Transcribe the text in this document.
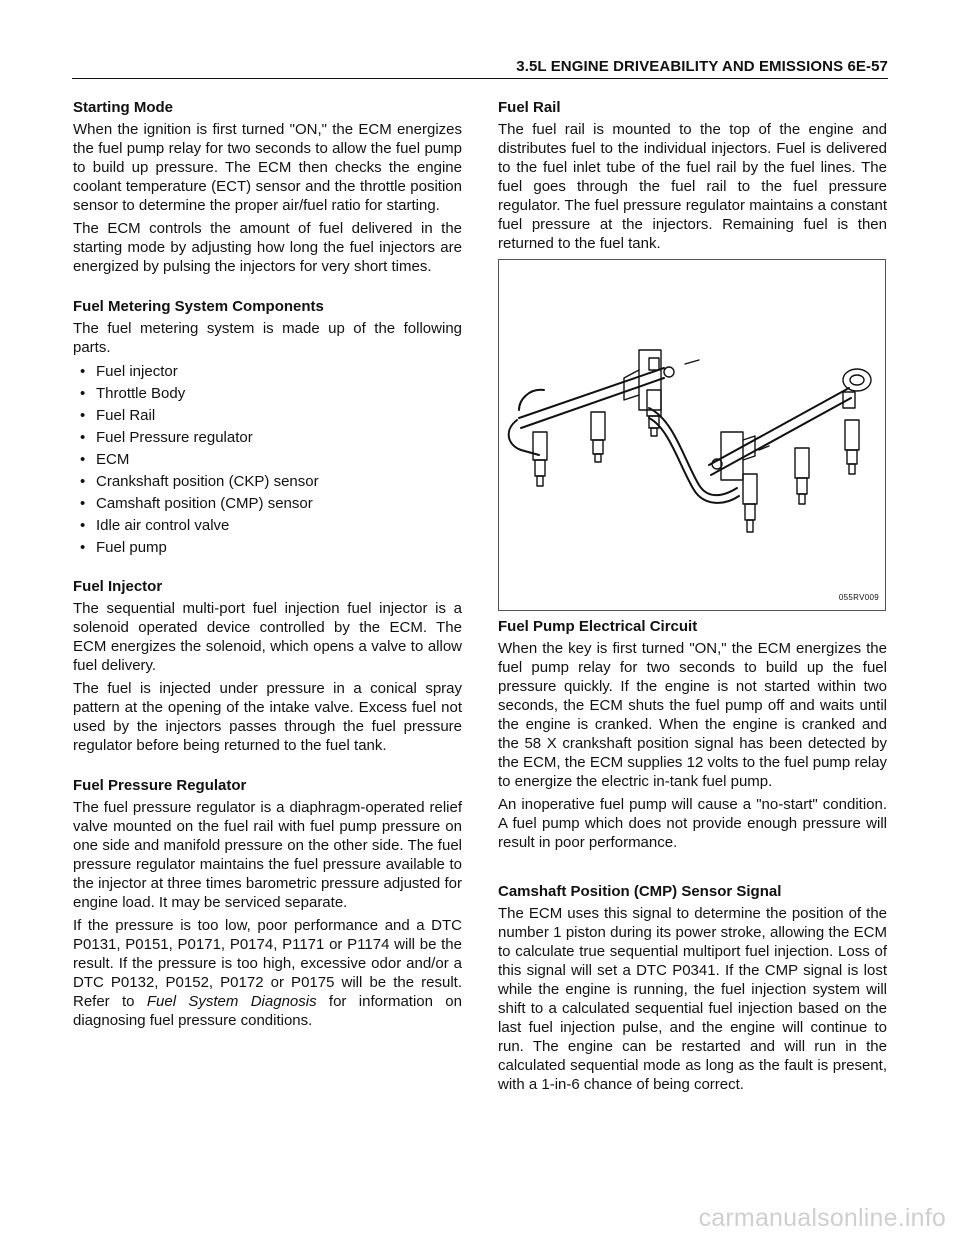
3.5L ENGINE DRIVEABILITY AND EMISSIONS 6E-57
Starting Mode

When the ignition is first turned "ON," the ECM energizes the fuel pump relay for two seconds to allow the fuel pump to build up pressure. The ECM then checks the engine coolant temperature (ECT) sensor and the throttle position sensor to determine the proper air/fuel ratio for starting.

The ECM controls the amount of fuel delivered in the starting mode by adjusting how long the fuel injectors are energized by pulsing the injectors for very short times.

Fuel Metering System Components

The fuel metering system is made up of the following parts.

• Fuel injector
• Throttle Body
• Fuel Rail
• Fuel Pressure regulator
• ECM
• Crankshaft position (CKP) sensor
• Camshaft position (CMP) sensor
• Idle air control valve
• Fuel pump
Fuel Injector

The sequential multi-port fuel injection fuel injector is a solenoid operated device controlled by the ECM. The ECM energizes the solenoid, which opens a valve to allow fuel delivery.

The fuel is injected under pressure in a conical spray pattern at the opening of the intake valve. Excess fuel not used by the injectors passes through the fuel pressure regulator before being returned to the fuel tank.

Fuel Pressure Regulator

The fuel pressure regulator is a diaphragm-operated relief valve mounted on the fuel rail with fuel pump pressure on one side and manifold pressure on the other side. The fuel pressure regulator maintains the fuel pressure available to the injector at three times barometric pressure adjusted for engine load. It may be serviced separate.

If the pressure is too low, poor performance and a DTC P0131, P0151, P0171, P0174, P1171 or P1174 will be the result. If the pressure is too high, excessive odor and/or a DTC P0132, P0152, P0172 or P0175 will be the result. Refer to Fuel System Diagnosis for information on diagnosing fuel pressure conditions.

Fuel Rail

The fuel rail is mounted to the top of the engine and distributes fuel to the individual injectors. Fuel is delivered to the fuel inlet tube of the fuel rail by the fuel lines. The fuel goes through the fuel rail to the fuel pressure regulator. The fuel pressure regulator maintains a constant fuel pressure at the injectors. Remaining fuel is then returned to the fuel tank.

055RV009
Fuel Pump Electrical Circuit

When the key is first turned "ON," the ECM energizes the fuel pump relay for two seconds to build up the fuel pressure quickly. If the engine is not started within two seconds, the ECM shuts the fuel pump off and waits until the engine is cranked. When the engine is cranked and the 58 X crankshaft position signal has been detected by the ECM, the ECM supplies 12 volts to the fuel pump relay to energize the electric in-tank fuel pump.

An inoperative fuel pump will cause a "no-start" condition. A fuel pump which does not provide enough pressure will result in poor performance.

Camshaft Position (CMP) Sensor Signal

The ECM uses this signal to determine the position of the number 1 piston during its power stroke, allowing the ECM to calculate true sequential multiport fuel injection. Loss of this signal will set a DTC P0341. If the CMP signal is lost while the engine is running, the fuel injection system will shift to a calculated sequential fuel injection based on the last fuel injection pulse, and the engine will continue to run. The engine can be restarted and will run in the calculated sequential mode as long as the fault is present, with a 1-in-6 chance of being correct.

carmanualsonline.info
